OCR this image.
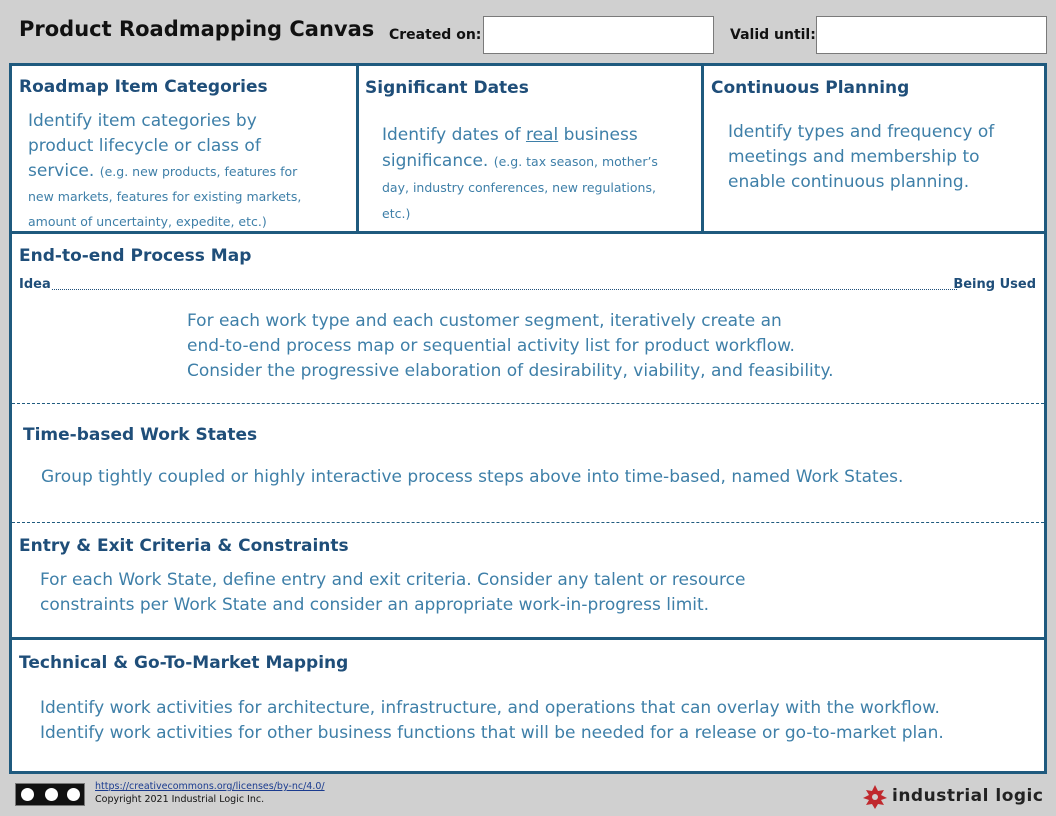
Product Roadmapping Canvas Created on:	Valid until:
Roadmap Item Categories
Identify item categories by product lifecycle or class of service. (e.g. new products, features for new markets, features for existing markets, amount of uncertainty, expedite, etc.)
Significant Dates
Identify dates of real business significance. (e.g. tax season, mother’s day, industry conferences, new regulations, etc.)
Continuous Planning
Identify types and frequency of meetings and membership to enable continuous planning.
End-to-end Process Map
Idea	Being Used
For each work type and each customer segment, iteratively create an
end-to-end process map or sequential activity list for product workflow.
Consider the progressive elaboration of desirability, viability, and feasibility.
Time-based Work States
Group tightly coupled or highly interactive process steps above into time-based, named Work States.
Entry & Exit Criteria & Constraints
For each Work State, define entry and exit criteria. Consider any talent or resource
constraints per Work State and consider an appropriate work-in-progress limit.
Technical & Go-To-Market Mapping
Identify work activities for architecture, infrastructure, and operations that can overlay with the workflow.
Identify work activities for other business functions that will be needed for a release or go-to-market plan.
https://creativecommons.org/licenses/by-nc/4.0/
Copyright 2021 Industrial Logic Inc.	industrial logic
